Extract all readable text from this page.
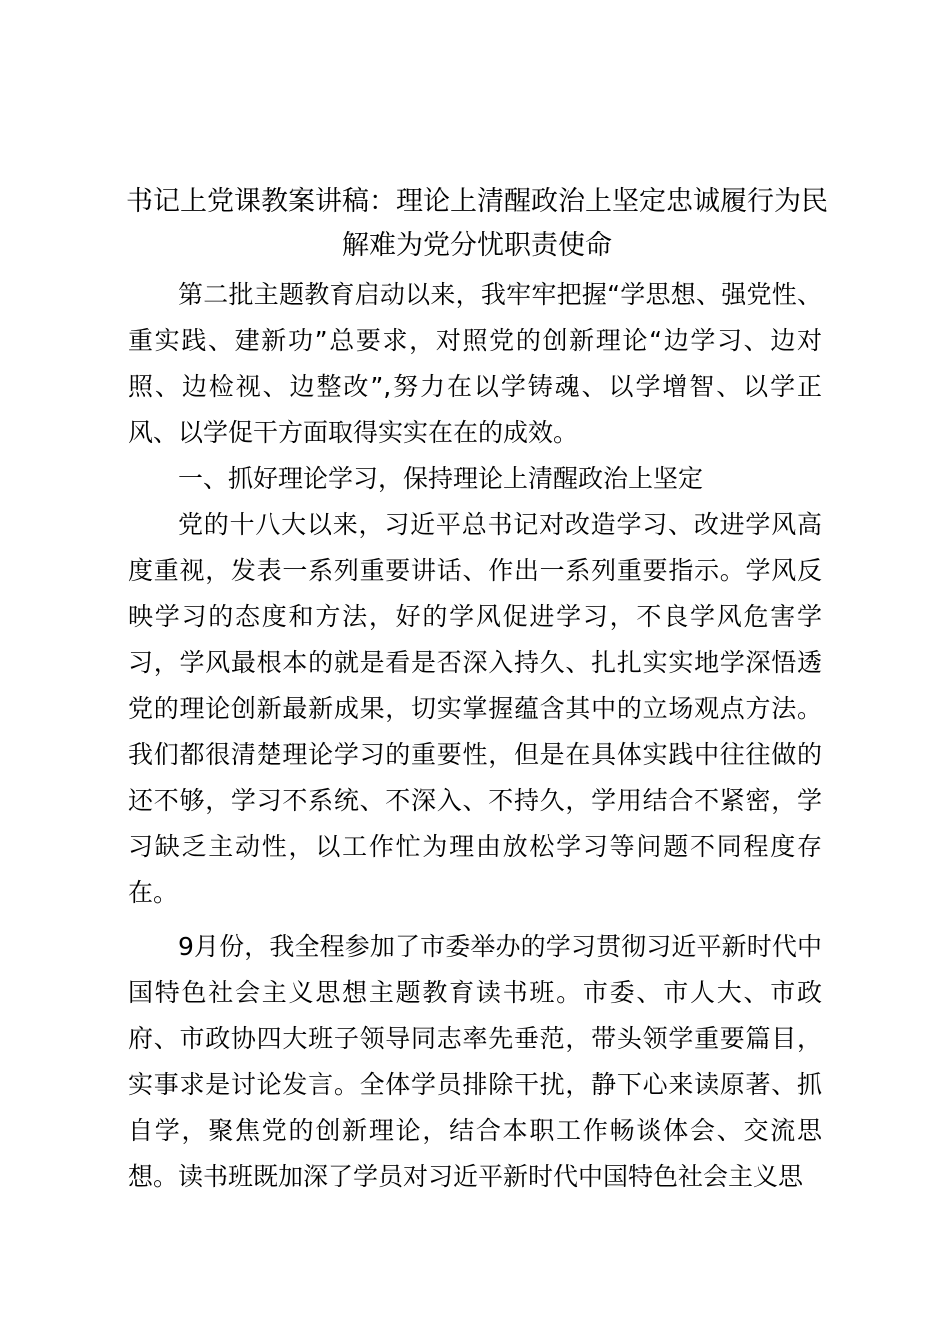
书记上党课教案讲稿：理论上清醒政治上坚定忠诚履行为民解难为党分忧职责使命

第二批主题教育启动以来，我牢牢把握“学思想、强党性、重实践、建新功”总要求，对照党的创新理论“边学习、边对照、边检视、边整改”,努力在以学铸魂、以学增智、以学正风、以学促干方面取得实实在在的成效。

一、抓好理论学习，保持理论上清醒政治上坚定

党的十八大以来，习近平总书记对改造学习、改进学风高度重视，发表一系列重要讲话、作出一系列重要指示。学风反映学习的态度和方法，好的学风促进学习，不良学风危害学习，学风最根本的就是看是否深入持久、扎扎实实地学深悟透党的理论创新最新成果，切实掌握蕴含其中的立场观点方法。我们都很清楚理论学习的重要性，但是在具体实践中往往做的还不够，学习不系统、不深入、不持久，学用结合不紧密，学习缺乏主动性，以工作忙为理由放松学习等问题不同程度存在。

9月份，我全程参加了市委举办的学习贯彻习近平新时代中国特色社会主义思想主题教育读书班。市委、市人大、市政府、市政协四大班子领导同志率先垂范，带头领学重要篇目，实事求是讨论发言。全体学员排除干扰，静下心来读原著、抓自学，聚焦党的创新理论，结合本职工作畅谈体会、交流思想。读书班既加深了学员对习近平新时代中国特色社会主义思
